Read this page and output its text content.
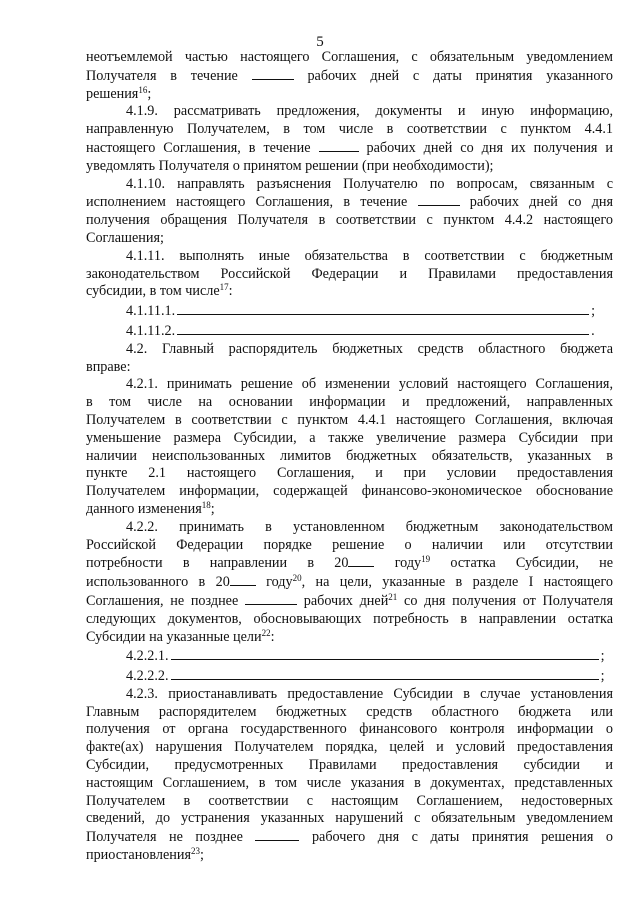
5
неотъемлемой частью настоящего Соглашения, с обязательным уведомлением
Получателя в течение	рабочих дней с даты принятия указанного
решения$^{16}$;
4.1.9. рассматривать предложения, документы и иную информацию,
направленную Получателем, в том числе в соответствии с пунктом 4.4.1
настоящего Соглашения, в течение	рабочих дней со дня их получения и
уведомлять Получателя о принятом решении (при необходимости);
4.1.10. направлять разъяснения Получателю по вопросам, связанным с
исполнением настоящего Соглашения, в течение	рабочих дней со дня
получения обращения Получателя в соответствии с пунктом 4.4.2 настоящего
Соглашения;
4.1.11. выполнять иные обязательства в соответствии с бюджетным
законодательством Российской Федерации и Правилами предоставления
субсидии, в том числе$^{17}$:
4.1.11.1.	;
4.1.11.2.	.
4.2. Главный распорядитель бюджетных средств областного бюджета
вправе:
4.2.1. принимать решение об изменении условий настоящего Соглашения,
в том числе на основании информации и предложений, направленных
Получателем в соответствии с пунктом 4.4.1 настоящего Соглашения, включая
уменьшение размера Субсидии, а также увеличение размера Субсидии при
наличии неиспользованных лимитов бюджетных обязательств, указанных в
пункте 2.1 настоящего Соглашения, и при условии предоставления
Получателем информации, содержащей финансово-экономическое обоснование
данного изменения$^{18}$;
4.2.2. принимать в установленном бюджетным законодательством
Российской Федерации порядке решение о наличии или отсутствии
потребности в направлении в 20	году$^{19}$ остатка Субсидии, не
использованного в 20	году$^{20}$, на цели, указанные в разделе I настоящего
Соглашения, не позднее	рабочих дней$^{21}$ со дня получения от Получателя
следующих документов, обосновывающих потребность в направлении остатка
Субсидии на указанные цели$^{22}$:
4.2.2.1.	;
4.2.2.2.	;
4.2.3. приостанавливать предоставление Субсидии в случае установления
Главным распорядителем бюджетных средств областного бюджета или
получения от органа государственного финансового контроля информации о
факте(ах) нарушения Получателем порядка, целей и условий предоставления
Субсидии, предусмотренных Правилами предоставления субсидии и
настоящим Соглашением, в том числе указания в документах, представленных
Получателем в соответствии с настоящим Соглашением, недостоверных
сведений, до устранения указанных нарушений с обязательным уведомлением
Получателя не позднее	рабочего дня с даты принятия решения о
приостановления$^{23}$;
